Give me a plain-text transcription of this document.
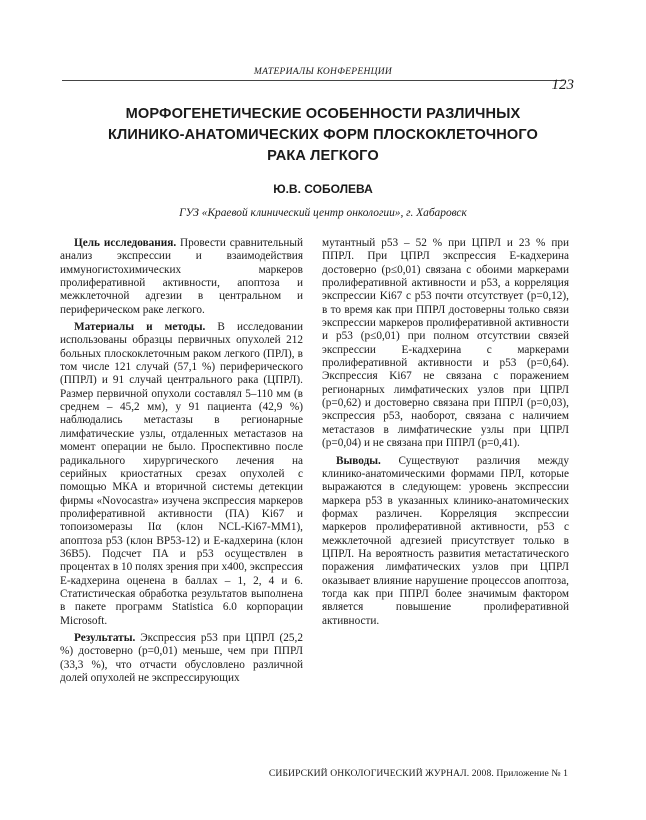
МАТЕРИАЛЫ КОНФЕРЕНЦИИ
123
МОРФОГЕНЕТИЧЕСКИЕ ОСОБЕННОСТИ РАЗЛИЧНЫХ
КЛИНИКО-АНАТОМИЧЕСКИХ ФОРМ ПЛОСКОКЛЕТОЧНОГО
РАКА ЛЕГКОГО
Ю.В. СОБОЛЕВА
ГУЗ «Краевой клинический центр онкологии», г. Хабаровск

Цель исследования. Провести сравнительный анализ экспрессии и взаимодействия иммуногистохимических маркеров пролиферативной активности, апоптоза и межклеточной адгезии в центральном и периферическом раке легкого.

Материалы и методы. В исследовании использованы образцы первичных опухолей 212 больных плоскоклеточным раком легкого (ПРЛ), в том числе 121 случай (57,1 %) периферического (ППРЛ) и 91 случай центрального рака (ЦПРЛ). Размер первичной опухоли составлял 5–110 мм (в среднем – 45,2 мм), у 91 пациента (42,9 %) наблюдались метастазы в регионарные лимфатические узлы, отдаленных метастазов на момент операции не было. Проспективно после радикального хирургического лечения на серийных криостатных срезах опухолей с помощью МКА и вторичной системы детекции фирмы «Novocastra» изучена экспрессия маркеров пролиферативной активности (ПА) Ki67 и топоизомеразы IIα (клон NCL-Ki67-MM1), апоптоза p53 (клон BP53-12) и E-кадхерина (клон 36B5). Подсчет ПА и p53 осуществлен в процентах в 10 полях зрения при х400, экспрессия E-кадхерина оценена в баллах – 1, 2, 4 и 6. Статистическая обработка результатов выполнена в пакете программ Statistica 6.0 корпорации Microsoft.

Результаты. Экспрессия p53 при ЦПРЛ (25,2 %) достоверно (p=0,01) меньше, чем при ППРЛ (33,3 %), что отчасти обусловлено различной долей опухолей не экспрессирующих

мутантный p53 – 52 % при ЦПРЛ и 23 % при ППРЛ. При ЦПРЛ экспрессия E-кадхерина достоверно (p≤0,01) связана с обоими маркерами пролиферативной активности и p53, а корреляция экспрессии Ki67 с p53 почти отсутствует (p=0,12), в то время как при ППРЛ достоверны только связи экспрессии маркеров пролиферативной активности и p53 (p≤0,01) при полном отсутствии связей экспрессии E-кадхерина с маркерами пролиферативной активности и p53 (p=0,64). Экспрессия Ki67 не связана с поражением регионарных лимфатических узлов при ЦПРЛ (p=0,62) и достоверно связана при ППРЛ (p=0,03), экспрессия p53, наоборот, связана с наличием метастазов в лимфатические узлы при ЦПРЛ (p=0,04) и не связана при ППРЛ (p=0,41).

Выводы. Существуют различия между клинико-анатомическими формами ПРЛ, которые выражаются в следующем: уровень экспрессии маркера p53 в указанных клинико-анатомических формах различен. Корреляция экспрессии маркеров пролиферативной активности, p53 с межклеточной адгезией присутствует только в ЦПРЛ. На вероятность развития метастатического поражения лимфатических узлов при ЦПРЛ оказывает влияние нарушение процессов апоптоза, тогда как при ППРЛ более значимым фактором является повышение пролиферативной активности.

СИБИРСКИЙ ОНКОЛОГИЧЕСКИЙ ЖУРНАЛ. 2008. Приложение № 1
